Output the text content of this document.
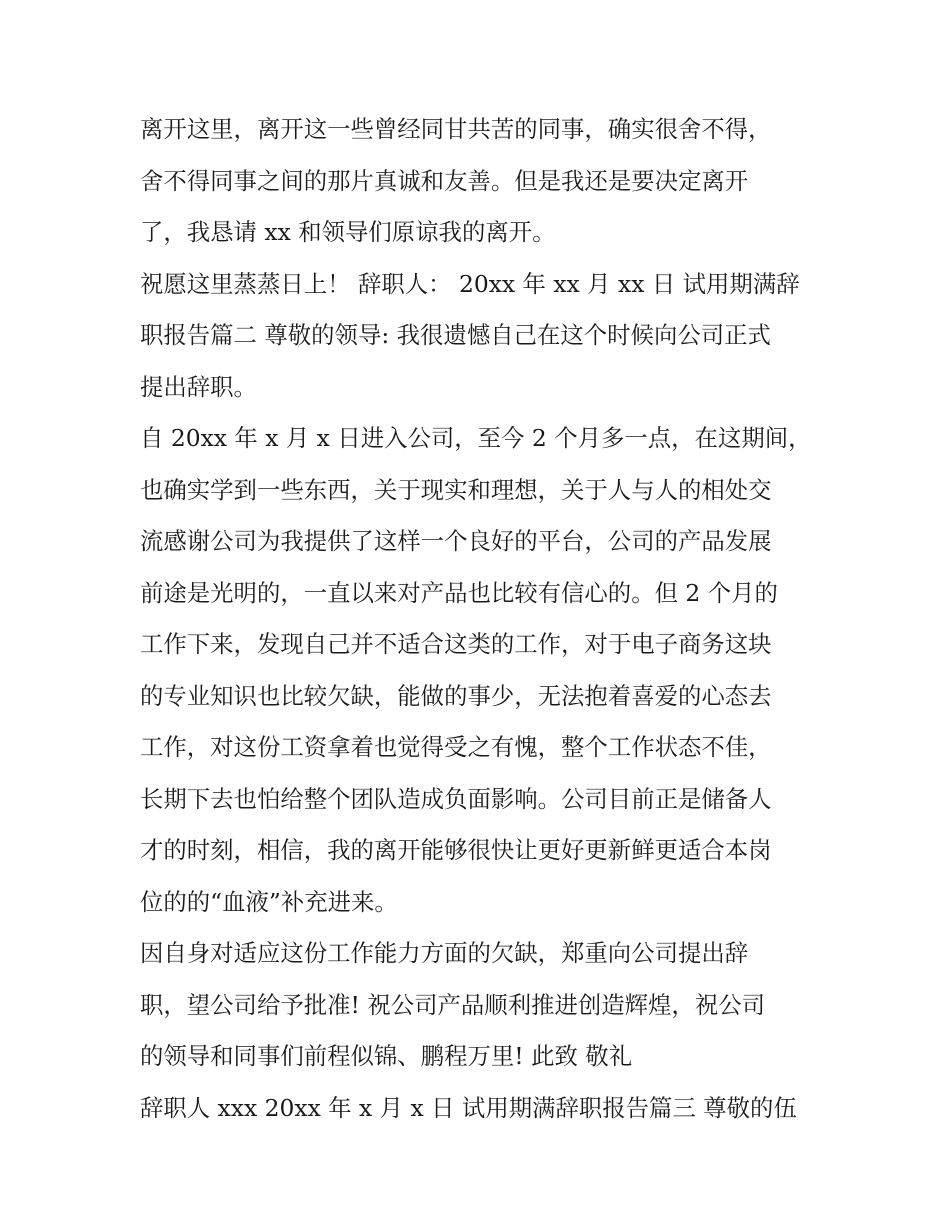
离开这里，离开这一些曾经同甘共苦的同事，确实很舍不得，
舍不得同事之间的那片真诚和友善。但是我还是要决定离开
了，我恳请 xx 和领导们原谅我的离开。
祝愿这里蒸蒸日上！ 辞职人： 20xx 年 xx 月 xx 日 试用期满辞
职报告篇二 尊敬的领导: 我很遗憾自己在这个时候向公司正式
提出辞职。
自 20xx 年 x 月 x 日进入公司，至今 2 个月多一点，在这期间，
也确实学到一些东西，关于现实和理想，关于人与人的相处交
流感谢公司为我提供了这样一个良好的平台，公司的产品发展
前途是光明的，一直以来对产品也比较有信心的。但 2 个月的
工作下来，发现自己并不适合这类的工作，对于电子商务这块
的专业知识也比较欠缺，能做的事少，无法抱着喜爱的心态去
工作，对这份工资拿着也觉得受之有愧，整个工作状态不佳，
长期下去也怕给整个团队造成负面影响。公司目前正是储备人
才的时刻，相信，我的离开能够很快让更好更新鲜更适合本岗
位的的“血液”补充进来。
因自身对适应这份工作能力方面的欠缺，郑重向公司提出辞
职，望公司给予批准! 祝公司产品顺利推进创造辉煌，祝公司
的领导和同事们前程似锦、鹏程万里! 此致 敬礼
辞职人 xxx 20xx 年 x 月 x 日 试用期满辞职报告篇三 尊敬的伍
